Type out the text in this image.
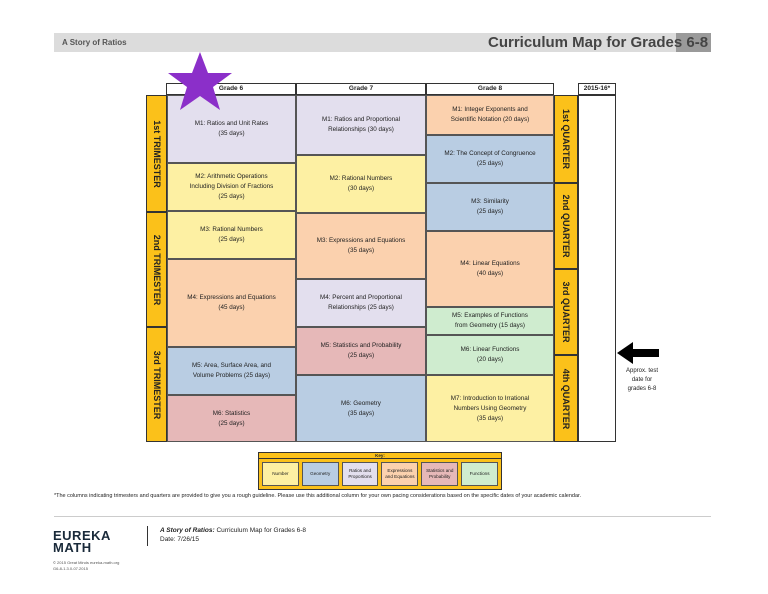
A Story of Ratios	Curriculum Map for Grades 6-8
Grade 6	Grade 7	Grade 8	2015-16*
1st TRIMESTER
2nd TRIMESTER
3rd TRIMESTER
M1: Ratios and Unit Rates
(35 days)
M2: Arithmetic Operations
Including Division of Fractions
(25 days)
M3: Rational Numbers
(25 days)
M4: Expressions and Equations
(45 days)
M5: Area, Surface Area, and
Volume Problems (25 days)
M6: Statistics
(25 days)
M1: Ratios and Proportional
Relationships (30 days)
M2: Rational Numbers
(30 days)
M3: Expressions and Equations
(35 days)
M4: Percent and Proportional
Relationships (25 days)
M5: Statistics and Probability
(25 days)
M6: Geometry
(35 days)
M1: Integer Exponents and
Scientific Notation (20 days)
M2: The Concept of Congruence
(25 days)
M3: Similarity
(25 days)
M4: Linear Equations
(40 days)
M5: Examples of Functions
from Geometry (15 days)
M6: Linear Functions
(20 days)
M7: Introduction to Irrational
Numbers Using Geometry
(35 days)
1st QUARTER
2nd QUARTER
3rd QUARTER
4th QUARTER	Approx. test
date for
grades 6-8
Key:
Number	Geometry
Ratios and
Proportions
Expressions
and Equations
Statistics and
Probability
Functions
*The columns indicating trimesters and quarters are provided to give you a rough guideline. Please use this additional column for your own pacing considerations based on the specific dates of your academic calendar.
EUREKA
MATH
A Story of Ratios: Curriculum Map for Grades 6-8
Date: 7/26/15
© 2015 Great Minds eureka-math.org
G6-8-1.3.0-07.2015
